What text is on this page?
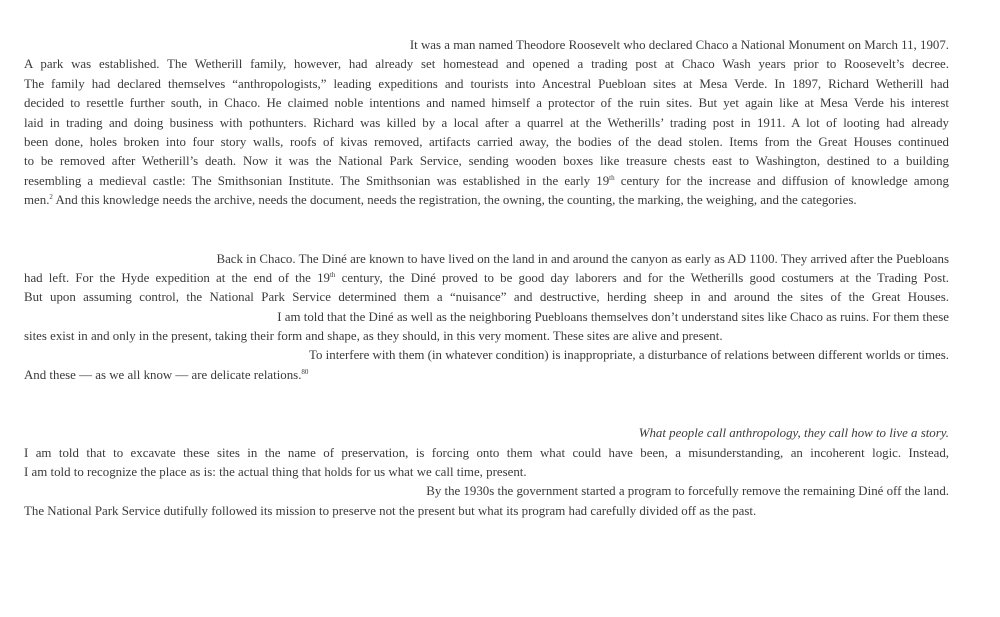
It was a man named Theodore Roosevelt who declared Chaco a National Monument on March 11, 1907.
A park was established. The Wetherill family, however, had already set homestead and opened a trading post at Chaco Wash years prior to Roosevelt’s decree.
The family had declared themselves “anthropologists,” leading expeditions and tourists into Ancestral Puebloan sites at Mesa Verde. In 1897, Richard Wetherill had
decided to resettle further south, in Chaco. He claimed noble intentions and named himself a protector of the ruin sites. But yet again like at Mesa Verde his interest
laid in trading and doing business with pothunters. Richard was killed by a local after a quarrel at the Wetherills’ trading post in 1911. A lot of looting had already
been done, holes broken into four story walls, roofs of kivas removed, artifacts carried away, the bodies of the dead stolen. Items from the Great Houses continued
to be removed after Wetherill’s death. Now it was the National Park Service, sending wooden boxes like treasure chests east to Washington, destined to a building
resembling a medieval castle: The Smithsonian Institute. The Smithsonian was established in the early 19th century for the increase and diffusion of knowledge among
men.$^2$ And this knowledge needs the archive, needs the document, needs the registration, the owning, the counting, the marking, the weighing, and the categories.
Back in Chaco. The Diné are known to have lived on the land in and around the canyon as early as AD 1100. They arrived after the Puebloans
had left. For the Hyde expedition at the end of the 19th century, the Diné proved to be good day laborers and for the Wetherills good costumers at the Trading Post.
But upon assuming control, the National Park Service determined them a “nuisance” and destructive, herding sheep in and around the sites of the Great Houses.
I am told that the Diné as well as the neighboring Puebloans themselves don’t understand sites like Chaco as ruins. For them these
sites exist in and only in the present, taking their form and shape, as they should, in this very moment. These sites are alive and present.
To interfere with them (in whatever condition) is inappropriate, a disturbance of relations between different worlds or times.
And these — as we all know — are delicate relations.$^{80}$
What people call anthropology, they call how to live a story.
I am told that to excavate these sites in the name of preservation, is forcing onto them what could have been, a misunderstanding, an incoherent logic. Instead,
I am told to recognize the place as is: the actual thing that holds for us what we call time, present.
By the 1930s the government started a program to forcefully remove the remaining Diné off the land.
The National Park Service dutifully followed its mission to preserve not the present but what its program had carefully divided off as the past.
